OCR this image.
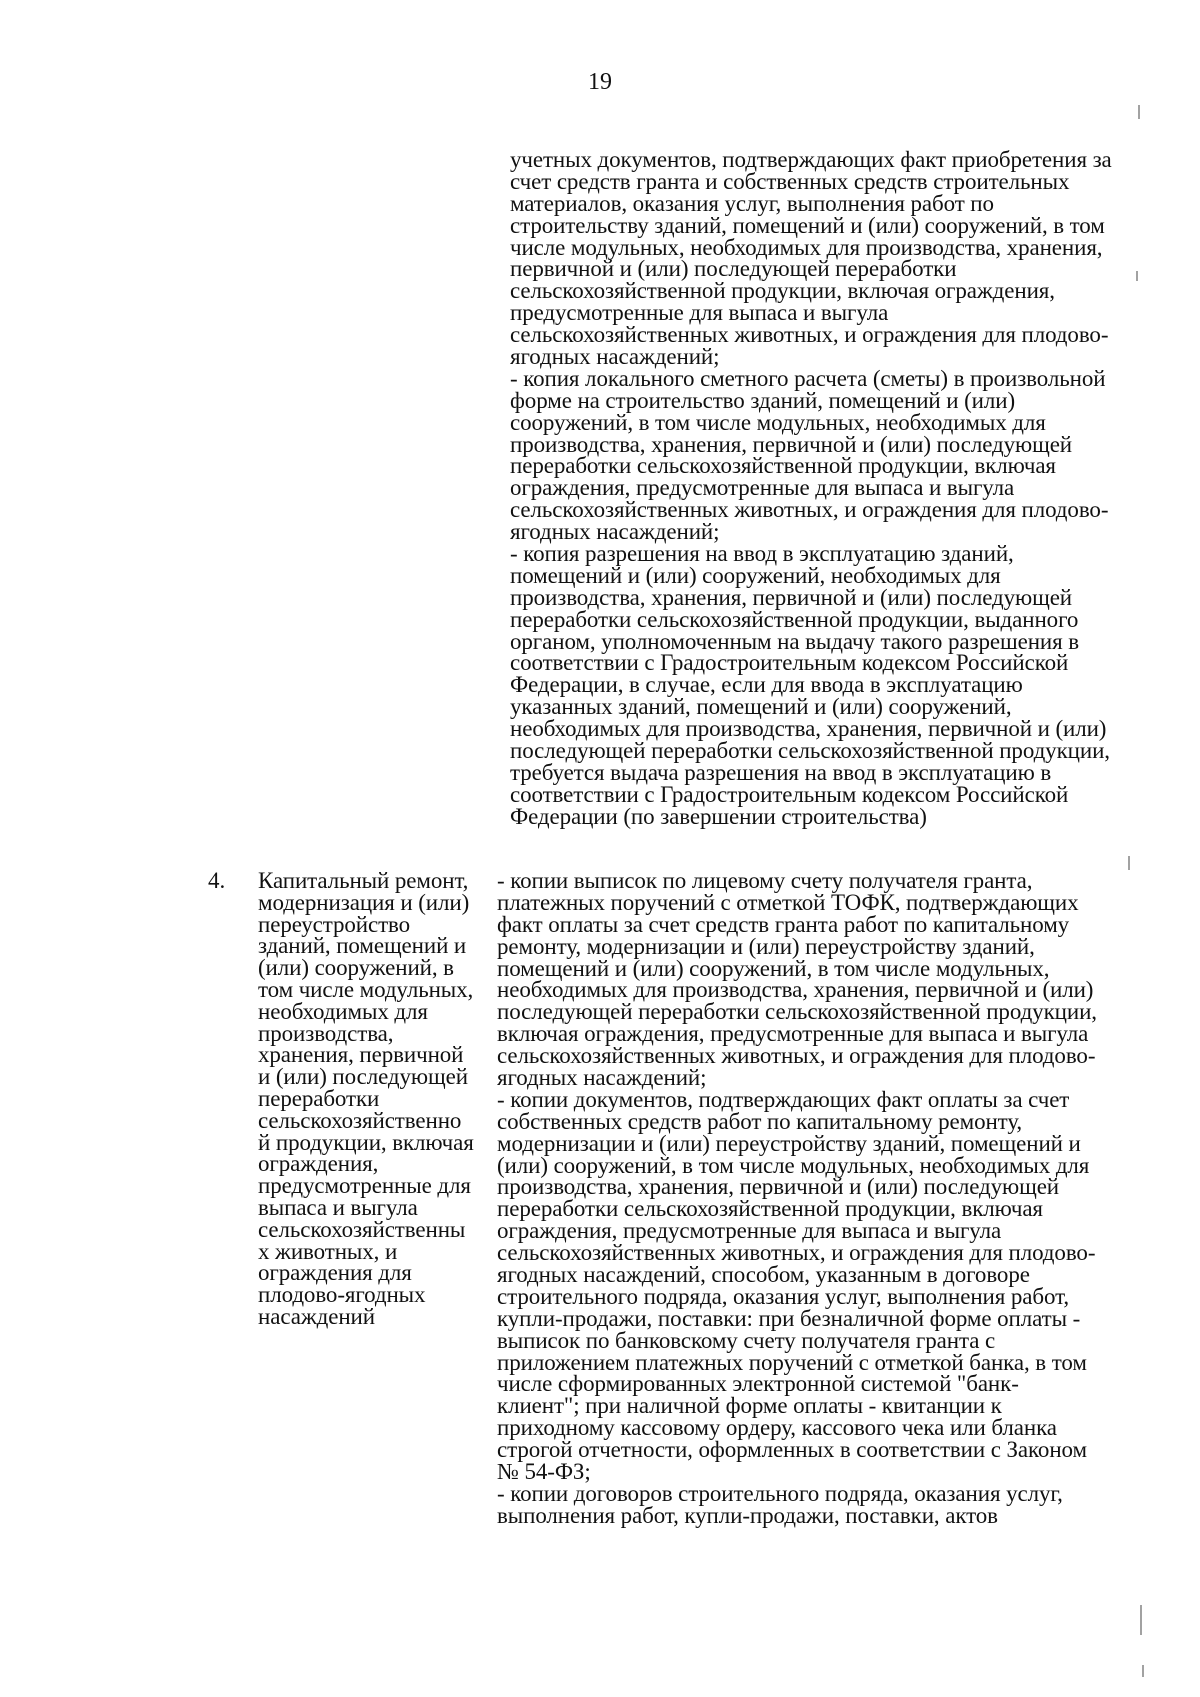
19
учетных документов, подтверждающих факт приобретения за
счет средств гранта и собственных средств строительных
материалов, оказания услуг, выполнения работ по
строительству зданий, помещений и (или) сооружений, в том
числе модульных, необходимых для производства, хранения,
первичной и (или) последующей переработки
сельскохозяйственной продукции, включая ограждения,
предусмотренные для выпаса и выгула
сельскохозяйственных животных, и ограждения для плодово-
ягодных насаждений;
- копия локального сметного расчета (сметы) в произвольной
форме на строительство зданий, помещений и (или)
сооружений, в том числе модульных, необходимых для
производства, хранения, первичной и (или) последующей
переработки сельскохозяйственной продукции, включая
ограждения, предусмотренные для выпаса и выгула
сельскохозяйственных животных, и ограждения для плодово-
ягодных насаждений;
- копия разрешения на ввод в эксплуатацию зданий,
помещений и (или) сооружений, необходимых для
производства, хранения, первичной и (или) последующей
переработки сельскохозяйственной продукции, выданного
органом, уполномоченным на выдачу такого разрешения в
соответствии с Градостроительным кодексом Российской
Федерации, в случае, если для ввода в эксплуатацию
указанных зданий, помещений и (или) сооружений,
необходимых для производства, хранения, первичной и (или)
последующей переработки сельскохозяйственной продукции,
требуется выдача разрешения на ввод в эксплуатацию в
соответствии с Градостроительным кодексом Российской
Федерации (по завершении строительства)
4. Капитальный ремонт,
модернизация и (или)
переустройство
зданий, помещений и
(или) сооружений, в
том числе модульных,
необходимых для
производства,
хранения, первичной
и (или) последующей
переработки
сельскохозяйственно
й продукции, включая
ограждения,
предусмотренные для
выпаса и выгула
сельскохозяйственны
х животных, и
ограждения для
плодово-ягодных
насаждений
- копии выписок по лицевому счету получателя гранта,
платежных поручений с отметкой ТОФК, подтверждающих
факт оплаты за счет средств гранта работ по капитальному
ремонту, модернизации и (или) переустройству зданий,
помещений и (или) сооружений, в том числе модульных,
необходимых для производства, хранения, первичной и (или)
последующей переработки сельскохозяйственной продукции,
включая ограждения, предусмотренные для выпаса и выгула
сельскохозяйственных животных, и ограждения для плодово-
ягодных насаждений;
- копии документов, подтверждающих факт оплаты за счет
собственных средств работ по капитальному ремонту,
модернизации и (или) переустройству зданий, помещений и
(или) сооружений, в том числе модульных, необходимых для
производства, хранения, первичной и (или) последующей
переработки сельскохозяйственной продукции, включая
ограждения, предусмотренные для выпаса и выгула
сельскохозяйственных животных, и ограждения для плодово-
ягодных насаждений, способом, указанным в договоре
строительного подряда, оказания услуг, выполнения работ,
купли-продажи, поставки: при безналичной форме оплаты -
выписок по банковскому счету получателя гранта с
приложением платежных поручений с отметкой банка, в том
числе сформированных электронной системой "банк-
клиент"; при наличной форме оплаты - квитанции к
приходному кассовому ордеру, кассового чека или бланка
строгой отчетности, оформленных в соответствии с Законом
№ 54-ФЗ;
- копии договоров строительного подряда, оказания услуг,
выполнения работ, купли-продажи, поставки, актов
